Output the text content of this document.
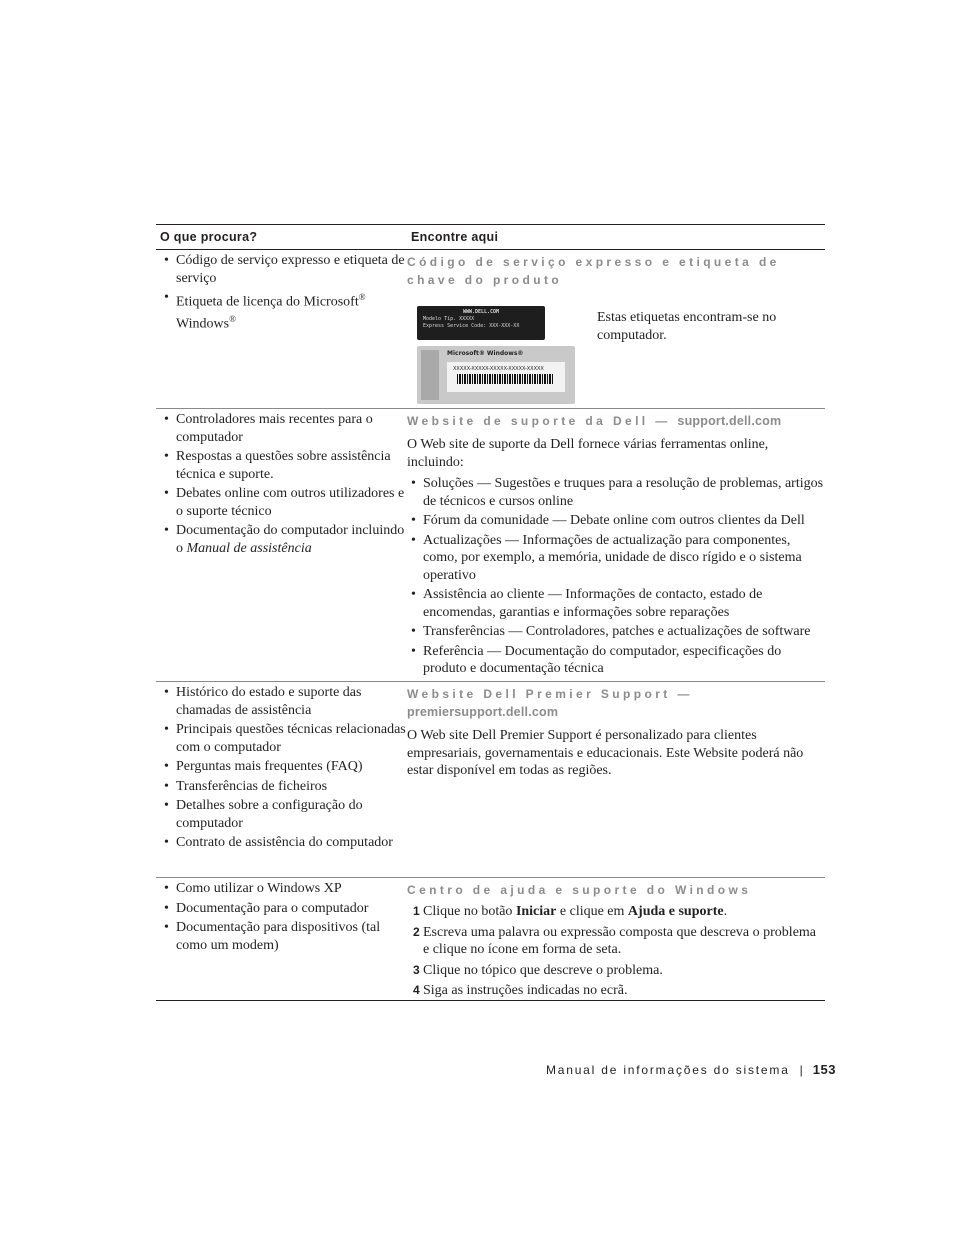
O que procura?	Encontre aqui
• Código de serviço expresso e etiqueta de serviço
• Etiqueta de licença do Microsoft® Windows®
Código de serviço expresso e etiqueta de chave do produto
WWW.DELL.COM
Modelo Típ. XXXXX
Express Service Code: XXX-XXX-XX
Microsoft® Windows®
XXXXX-XXXXX-XXXXX-XXXXX-XXXXX
Estas etiquetas encontram-se no computador.
• Controladores mais recentes para o computador
• Respostas a questões sobre assistência técnica e suporte.
• Debates online com outros utilizadores e o suporte técnico
• Documentação do computador incluindo o Manual de assistência
Website de suporte da Dell — support.dell.com
O Web site de suporte da Dell fornece várias ferramentas online, incluindo:
• Soluções — Sugestões e truques para a resolução de problemas, artigos de técnicos e cursos online
• Fórum da comunidade — Debate online com outros clientes da Dell
• Actualizações — Informações de actualização para componentes, como, por exemplo, a memória, unidade de disco rígido e o sistema operativo
• Assistência ao cliente — Informações de contacto, estado de encomendas, garantias e informações sobre reparações
• Transferências — Controladores, patches e actualizações de software
• Referência — Documentação do computador, especificações do produto e documentação técnica
• Histórico do estado e suporte das chamadas de assistência
• Principais questões técnicas relacionadas com o computador
• Perguntas mais frequentes (FAQ)
• Transferências de ficheiros
• Detalhes sobre a configuração do computador
• Contrato de assistência do computador
Website Dell Premier Support —
premiersupport.dell.com
O Web site Dell Premier Support é personalizado para clientes empresariais, governamentais e educacionais. Este Website poderá não estar disponível em todas as regiões.
• Como utilizar o Windows XP
• Documentação para o computador
• Documentação para dispositivos (tal como um modem)
Centro de ajuda e suporte do Windows
1 Clique no botão Iniciar e clique em Ajuda e suporte.
2 Escreva uma palavra ou expressão composta que descreva o problema e clique no ícone em forma de seta.
3 Clique no tópico que descreve o problema.
4 Siga as instruções indicadas no ecrã.
Manual de informações do sistema | 153
